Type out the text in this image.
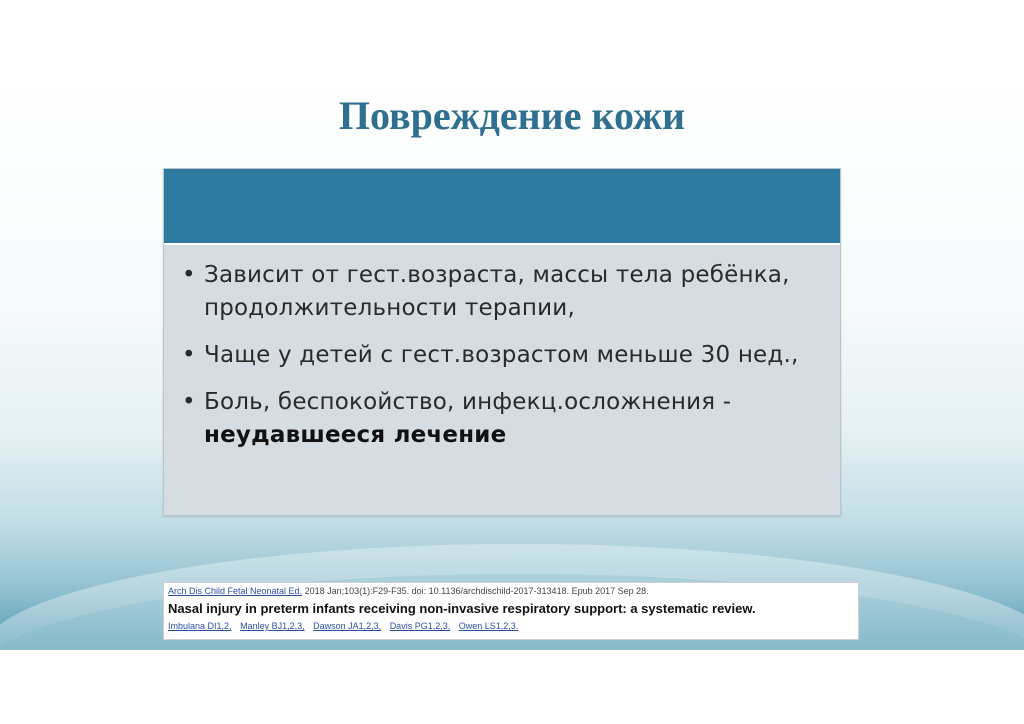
Повреждение кожи
• Зависит от гест.возраста, массы тела ребёнка, продолжительности терапии,
• Чаще у детей с гест.возрастом меньше 30 нед.,
• Боль, беспокойство, инфекц.осложнения - неудавшееся лечение
Arch Dis Child Fetal Neonatal Ed. 2018 Jan;103(1):F29-F35. doi: 10.1136/archdischild-2017-313418. Epub 2017 Sep 28.
Nasal injury in preterm infants receiving non-invasive respiratory support: a systematic review.
Imbulana DI1,2, Manley BJ1,2,3, Dawson JA1,2,3, Davis PG1,2,3, Owen LS1,2,3.
